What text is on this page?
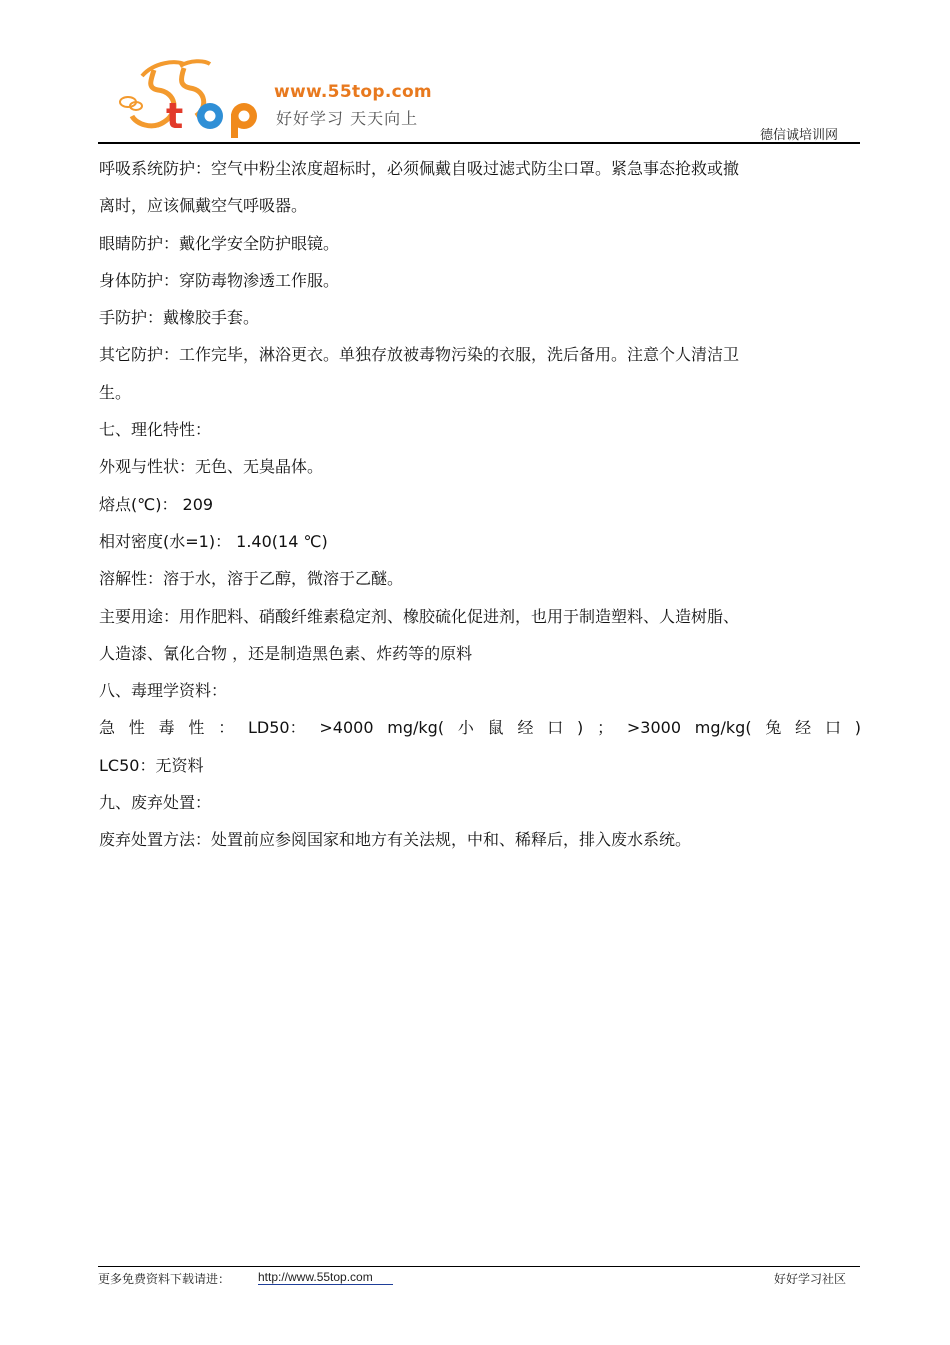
t
www.55top.com
好好学习 天天向上
德信诚培训网
呼吸系统防护：空气中粉尘浓度超标时，必须佩戴自吸过滤式防尘口罩。紧急事态抢救或撤
离时，应该佩戴空气呼吸器。
眼睛防护：戴化学安全防护眼镜。
身体防护：穿防毒物渗透工作服。
手防护：戴橡胶手套。
其它防护：工作完毕，淋浴更衣。单独存放被毒物污染的衣服，洗后备用。注意个人清洁卫
生。
七、理化特性：
外观与性状：无色、无臭晶体。
熔点(℃)： 209
相对密度(水=1)： 1.40(14 ℃)
溶解性：溶于水，溶于乙醇，微溶于乙醚。
主要用途：用作肥料、硝酸纤维素稳定剂、橡胶硫化促进剂，也用于制造塑料、人造树脂、
人造漆、氰化合物 ，还是制造黑色素、炸药等的原料
八、毒理学资料：
急 性 毒 性 ： LD50： >4000 mg/kg( 小 鼠 经 口 ) ； >3000 mg/kg( 兔 经 口 )
LC50：无资料
九、废弃处置：
废弃处置方法：处置前应参阅国家和地方有关法规，中和、稀释后，排入废水系统。
更多免费资料下载请进： http://www.55top.com	好好学习社区
